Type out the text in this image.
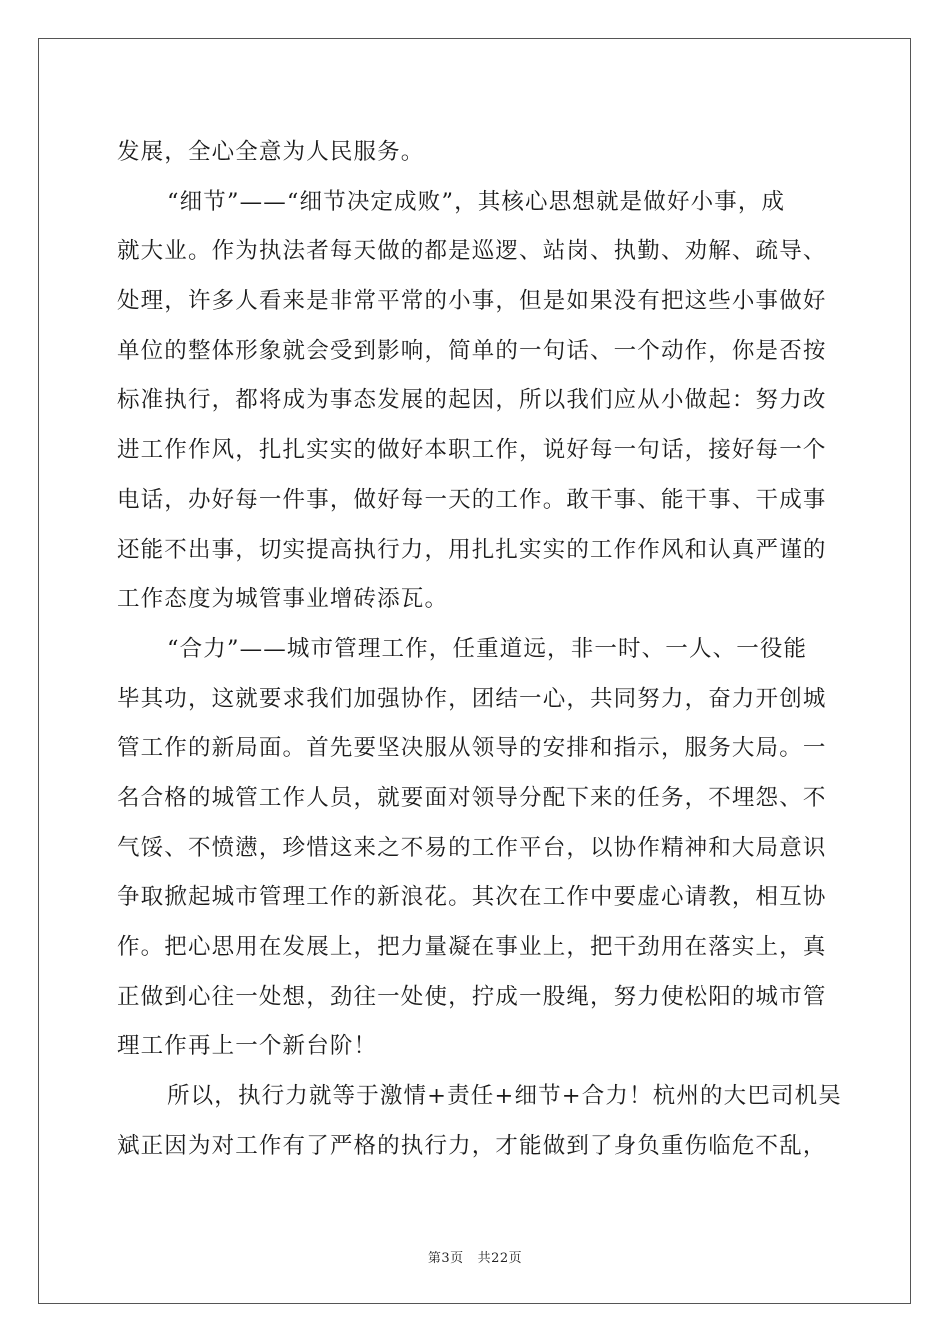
发展，全心全意为人民服务。
“细节”——“细节决定成败”，其核心思想就是做好小事，成
就大业。作为执法者每天做的都是巡逻、站岗、执勤、劝解、疏导、
处理，许多人看来是非常平常的小事，但是如果没有把这些小事做好
单位的整体形象就会受到影响，简单的一句话、一个动作，你是否按
标准执行，都将成为事态发展的起因，所以我们应从小做起：努力改
进工作作风，扎扎实实的做好本职工作，说好每一句话，接好每一个
电话，办好每一件事，做好每一天的工作。敢干事、能干事、干成事
还能不出事，切实提高执行力，用扎扎实实的工作作风和认真严谨的
工作态度为城管事业增砖添瓦。
“合力”——城市管理工作，任重道远，非一时、一人、一役能
毕其功，这就要求我们加强协作，团结一心，共同努力，奋力开创城
管工作的新局面。首先要坚决服从领导的安排和指示，服务大局。一
名合格的城管工作人员，就要面对领导分配下来的任务，不埋怨、不
气馁、不愤懑，珍惜这来之不易的工作平台，以协作精神和大局意识
争取掀起城市管理工作的新浪花。其次在工作中要虚心请教，相互协
作。把心思用在发展上，把力量凝在事业上，把干劲用在落实上，真
正做到心往一处想，劲往一处使，拧成一股绳，努力使松阳的城市管
理工作再上一个新台阶！
所以，执行力就等于激情+责任+细节+合力！杭州的大巴司机吴
斌正因为对工作有了严格的执行力，才能做到了身负重伤临危不乱，
第3页 共22页
